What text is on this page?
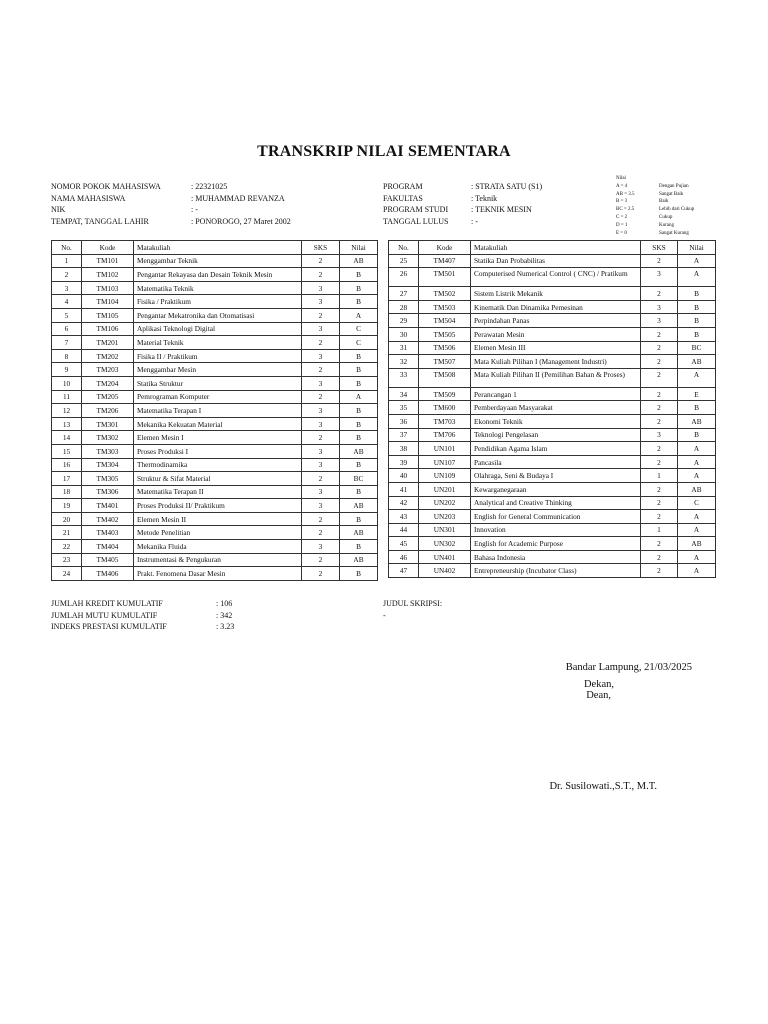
TRANSKRIP NILAI SEMENTARA
NOMOR POKOK MAHASISWA	: 22321025
NAMA MAHASISWA	: MUHAMMAD REVANZA
NIK	: -
TEMPAT, TANGGAL LAHIR	: PONOROGO, 27 Maret 2002
PROGRAM	: STRATA SATU (S1)
FAKULTAS	: Teknik
PROGRAM STUDI	: TEKNIK MESIN
TANGGAL LULUS	: -
Nilai
A = 4	Dengan Pujian
AB = 3.5	Sangat Baik
B = 3	Baik
BC = 2.5	Lebih dari Cukup
C = 2	Cukup
D = 1	Kurang
E = 0	Sangat Kurang
No.	Kode	Matakuliah	SKS	Nilai
1	TM101	Menggambar Teknik	2	AB
2	TM102	Pengantar Rekayasa dan Desain Teknik Mesin	2	B
3	TM103	Matematika Teknik	3	B
4	TM104	Fisika / Praktikum	3	B
5	TM105	Pengantar Mekatronika dan Otomatisasi	2	A
6	TM106	Aplikasi Teknologi Digital	3	C
7	TM201	Material Teknik	2	C
8	TM202	Fisika II / Praktikum	3	B
9	TM203	Menggambar Mesin	2	B
10	TM204	Statika Struktur	3	B
11	TM205	Pemrograman Komputer	2	A
12	TM206	Matematika Terapan I	3	B
13	TM301	Mekanika Kekuatan Material	3	B
14	TM302	Elemen Mesin I	2	B
15	TM303	Proses Produksi I	3	AB
16	TM304	Thermodinamika	3	B
17	TM305	Struktur & Sifat Material	2	BC
18	TM306	Matematika Terapan II	3	B
19	TM401	Proses Produksi II/ Praktikum	3	AB
20	TM402	Elemen Mesin II	2	B
21	TM403	Metode Penelitian	2	AB
22	TM404	Mekanika Fluida	3	B
23	TM405	Instrumentasi & Pengukuran	2	AB
24	TM406	Prakt. Fenomena Dasar Mesin	2	B
No.	Kode	Matakuliah	SKS	Nilai
25	TM407	Statika Dan Probabilitas	2	A
26	TM501	Computerised Numerical Control ( CNC) / Pratikum	3	A
27	TM502	Sistem Listrik Mekanik	2	B
28	TM503	Kinematik Dan Dinamika Pemesinan	3	B
29	TM504	Perpindahan Panas	3	B
30	TM505	Perawatan Mesin	2	B
31	TM506	Elemen Mesin III	2	BC
32	TM507	Mata Kuliah Pilihan I (Management Industri)	2	AB
33	TM508	Mata Kuliah Pilihan II (Pemilihan Bahan & Proses)	2	A
34	TM509	Perancangan 1	2	E
35	TM600	Pemberdayaan Masyarakat	2	B
36	TM703	Ekonomi Teknik	2	AB
37	TM706	Teknologi Pengelasan	3	B
38	UN101	Pendidikan Agama Islam	2	A
39	UN107	Pancasila	2	A
40	UN109	Olahraga, Seni & Budaya I	1	A
41	UN201	Kewarganegaraan	2	AB
42	UN202	Analytical and Creative Thinking	2	C
43	UN203	English for General Communication	2	A
44	UN301	Innovation	1	A
45	UN302	English for Academic Purpose	2	AB
46	UN401	Bahasa Indonesia	2	A
47	UN402	Entrepreneurship (Incubator Class)	2	A
JUMLAH KREDIT KUMULATIF	: 106
JUMLAH MUTU KUMULATIF	: 342
INDEKS PRESTASI KUMULATIF	: 3.23
JUDUL SKRIPSI:
-
Bandar Lampung, 21/03/2025
Dekan,
Dean,
Dr. Susilowati.,S.T., M.T.
